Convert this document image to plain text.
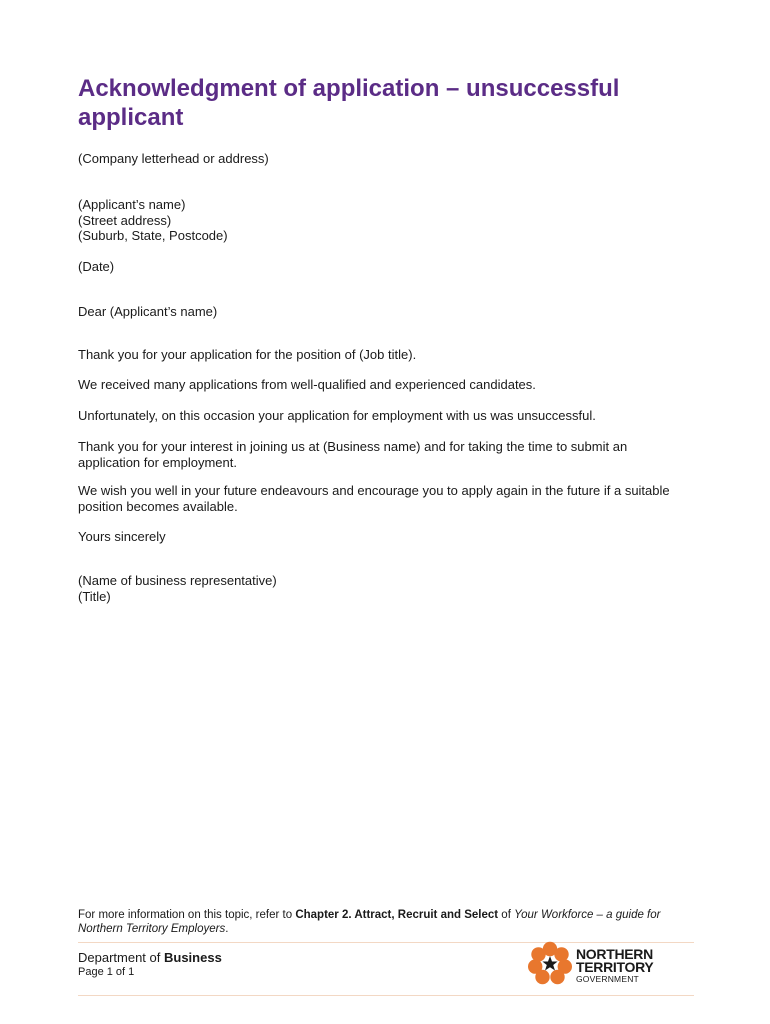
Acknowledgment of application – unsuccessful applicant

(Company letterhead or address)

(Applicant’s name)

(Street address)

(Suburb, State, Postcode)

(Date)

Dear (Applicant’s name)

Thank you for your application for the position of (Job title).

We received many applications from well-qualified and experienced candidates.

Unfortunately, on this occasion your application for employment with us was unsuccessful.

Thank you for your interest in joining us at (Business name) and for taking the time to submit an application for employment.

We wish you well in your future endeavours and encourage you to apply again in the future if a suitable position becomes available.

Yours sincerely

(Name of business representative)

(Title)

For more information on this topic, refer to Chapter 2. Attract, Recruit and Select of Your Workforce – a guide for Northern Territory Employers.

Department of Business

Page 1 of 1

NORTHERN
TERRITORY
GOVERNMENT
